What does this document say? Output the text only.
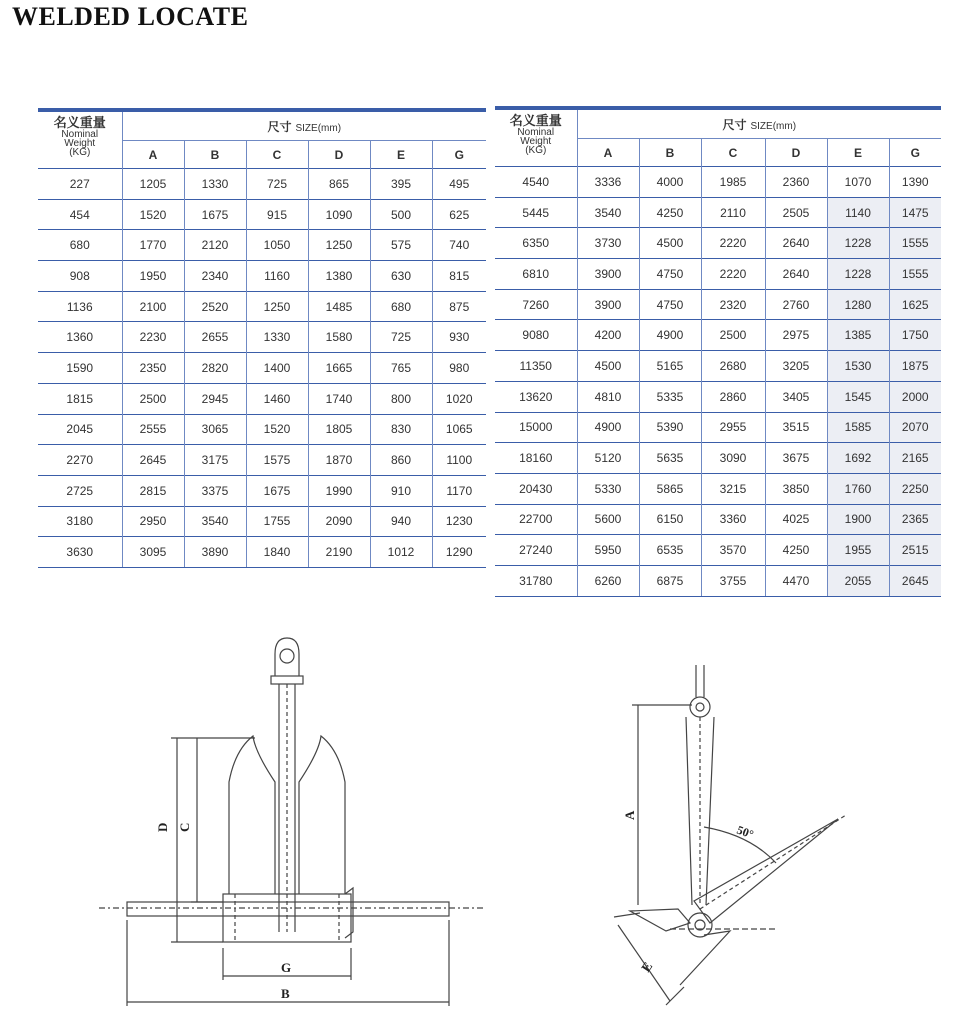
WELDED LOCATE
名义重量
Nominal
Weight
(KG)	尺寸 SIZE(mm)					
	A	B	C	D	E	G
227	1205	1330	725	865	395	495
454	1520	1675	915	1090	500	625
680	1770	2120	1050	1250	575	740
908	1950	2340	1160	1380	630	815
1136	2100	2520	1250	1485	680	875
1360	2230	2655	1330	1580	725	930
1590	2350	2820	1400	1665	765	980
1815	2500	2945	1460	1740	800	1020
2045	2555	3065	1520	1805	830	1065
2270	2645	3175	1575	1870	860	1100
2725	2815	3375	1675	1990	910	1170
3180	2950	3540	1755	2090	940	1230
3630	3095	3890	1840	2190	1012	1290
名义重量
Nominal
Weight
(KG)	尺寸 SIZE(mm)					
	A	B	C	D	E	G
4540	3336	4000	1985	2360	1070	1390
5445	3540	4250	2110	2505	1140	1475
6350	3730	4500	2220	2640	1228	1555
6810	3900	4750	2220	2640	1228	1555
7260	3900	4750	2320	2760	1280	1625
9080	4200	4900	2500	2975	1385	1750
11350	4500	5165	2680	3205	1530	1875
13620	4810	5335	2860	3405	1545	2000
15000	4900	5390	2955	3515	1585	2070
18160	5120	5635	3090	3675	1692	2165
20430	5330	5865	3215	3850	1760	2250
22700	5600	6150	3360	4025	1900	2365
27240	5950	6535	3570	4250	1955	2515
31780	6260	6875	3755	4470	2055	2645
D C
G
B
A
E
50°
